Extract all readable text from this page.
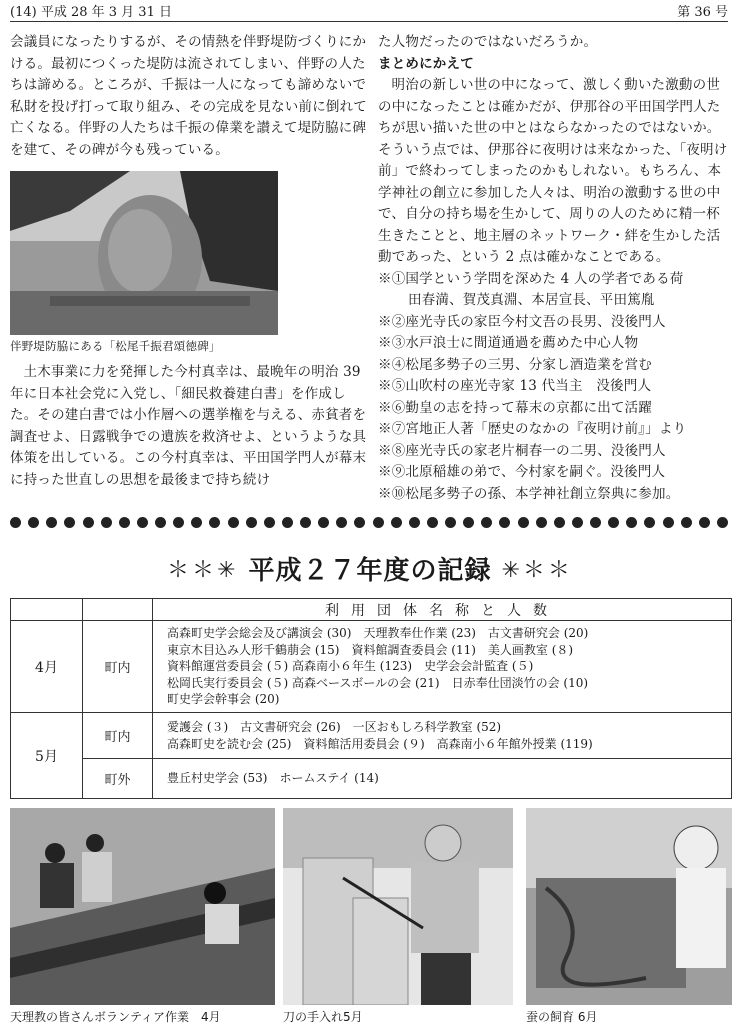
(14) 平成 28 年 3 月 31 日	第 36 号

会議員になったりするが、その情熱を伴野堤防づくりにかける。最初につくった堤防は流されてしまい、伴野の人たちは諦める。ところが、千振は一人になっても諦めないで私財を投げ打って取り組み、その完成を見ない前に倒れて亡くなる。伴野の人たちは千振の偉業を讃えて堤防脇に碑を建て、その碑が今も残っている。

伴野堤防脇にある「松尾千振君頌徳碑」

土木事業に力を発揮した今村真幸は、最晩年の明治 39 年に日本社会党に入党し、「細民救養建白書」を作成した。その建白書では小作層への選挙権を与える、赤貧者を調査せよ、日露戦争での遺族を救済せよ、というような具体策を出している。この今村真幸は、平田国学門人が幕末に持った世直しの思想を最後まで持ち続け

た人物だったのではないだろうか。

まとめにかえて

明治の新しい世の中になって、激しく動いた激動の世の中になったことは確かだが、伊那谷の平田国学門人たちが思い描いた世の中とはならなかったのではないか。そういう点では、伊那谷に夜明けは来なかった、「夜明け前」で終わってしまったのかもしれない。もちろん、本学神社の創立に参加した人々は、明治の激動する世の中で、自分の持ち場を生かして、周りの人のために精一杯生きたことと、地主層のネットワーク・絆を生かした活動であった、という 2 点は確かなことである。

※①国学という学問を深めた 4 人の学者である荷
田春満、賀茂真淵、本居宣長、平田篤胤
※②座光寺氏の家臣今村文吾の長男、没後門人
※③水戸浪士に間道通過を薦めた中心人物
※④松尾多勢子の三男、分家し酒造業を営む
※⑤山吹村の座光寺家 13 代当主　没後門人
※⑥勤皇の志を持って幕末の京都に出て活躍
※⑦宮地正人著「歴史のなかの『夜明け前』」より
※⑧座光寺氏の家老片桐春一の二男、没後門人
※⑨北原稲雄の弟で、今村家を嗣ぐ。没後門人
※⑩松尾多勢子の孫、本学神社創立祭典に参加。
＊＊✳ 平成２７年度の記録 ✳＊＊
		利用団体名称と人数
4月	町内	高森町史学会総会及び講演会 (30)　天理教奉仕作業 (23)　古文書研究会 (20)
東京木目込み人形千鶴萠会 (15)　資料館調査委員会 (11)　美人画教室 (８)
資料館運営委員会 (５) 高森南小６年生 (123)　史学会会計監査 (５)
松岡氏実行委員会 (５) 高森ベースボールの会 (21)　日赤奉仕団淡竹の会 (10)
町史学会幹事会 (20)
5月	町内	愛護会 (３)　古文書研究会 (26)　一区おもしろ科学教室 (52)
高森町史を読む会 (25)　資料館活用委員会 (９)　高森南小６年館外授業 (119)
	町外	豊丘村史学会 (53)　ホームステイ (14)
天理教の皆さんボランティア作業　4月	刀の手入れ5月	蚕の飼育 6月
